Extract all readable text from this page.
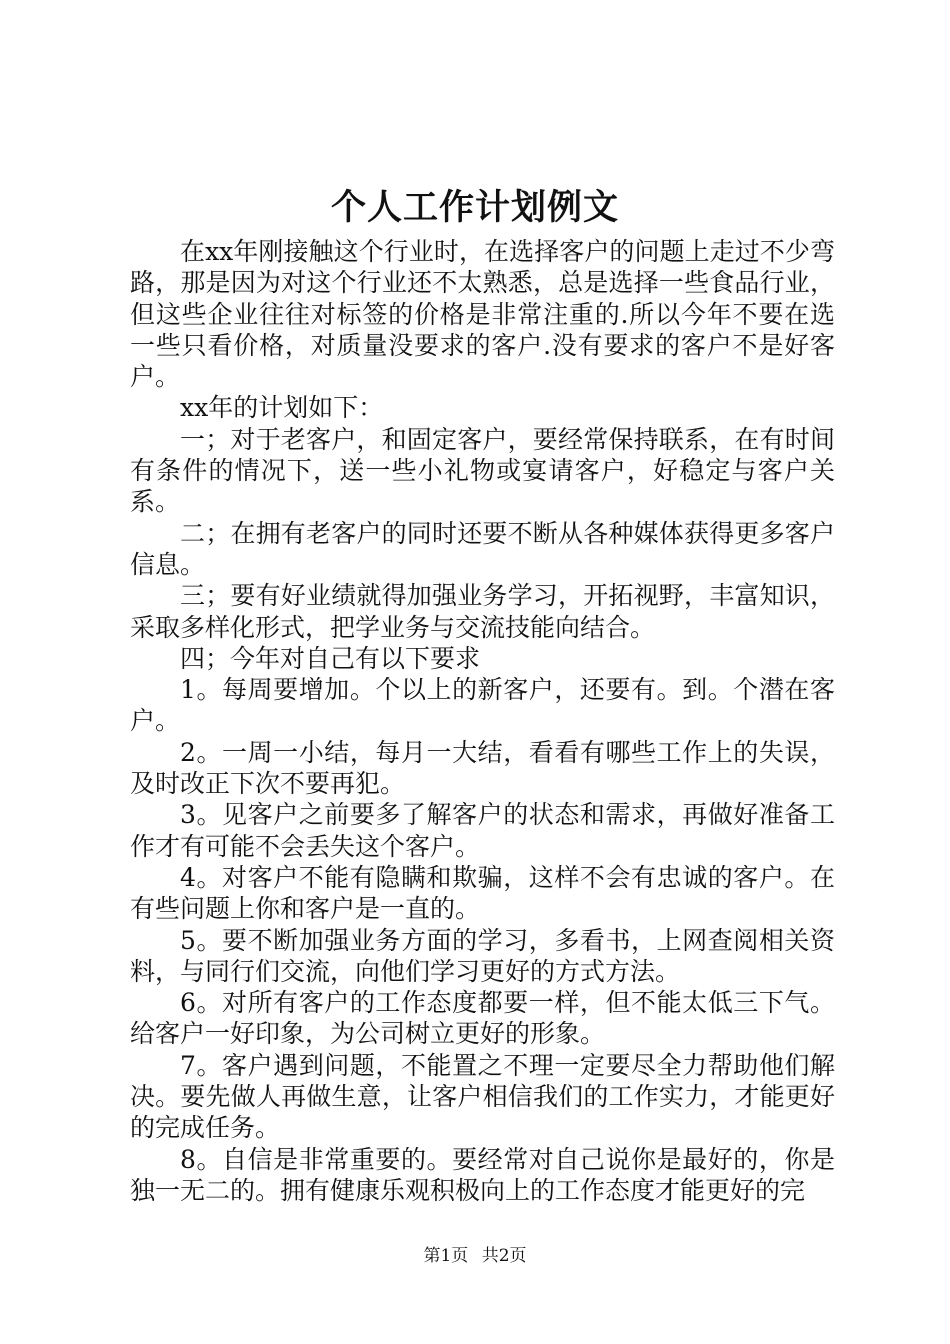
个人工作计划例文

在xx年刚接触这个行业时，在选择客户的问题上走过不少弯路，那是因为对这个行业还不太熟悉，总是选择一些食品行业，但这些企业往往对标签的价格是非常注重的.所以今年不要在选一些只看价格，对质量没要求的客户.没有要求的客户不是好客户。

xx年的计划如下：

一；对于老客户，和固定客户，要经常保持联系，在有时间有条件的情况下，送一些小礼物或宴请客户，好稳定与客户关系。

二；在拥有老客户的同时还要不断从各种媒体获得更多客户信息。

三；要有好业绩就得加强业务学习，开拓视野，丰富知识，采取多样化形式，把学业务与交流技能向结合。

四；今年对自己有以下要求

1。每周要增加。个以上的新客户，还要有。到。个潜在客户。

2。一周一小结，每月一大结，看看有哪些工作上的失误，及时改正下次不要再犯。

3。见客户之前要多了解客户的状态和需求，再做好准备工作才有可能不会丢失这个客户。

4。对客户不能有隐瞒和欺骗，这样不会有忠诚的客户。在有些问题上你和客户是一直的。

5。要不断加强业务方面的学习，多看书，上网查阅相关资料，与同行们交流，向他们学习更好的方式方法。

6。对所有客户的工作态度都要一样，但不能太低三下气。给客户一好印象，为公司树立更好的形象。

7。客户遇到问题，不能置之不理一定要尽全力帮助他们解决。要先做人再做生意，让客户相信我们的工作实力，才能更好的完成任务。

8。自信是非常重要的。要经常对自己说你是最好的，你是独一无二的。拥有健康乐观积极向上的工作态度才能更好的完

第1页 共2页
